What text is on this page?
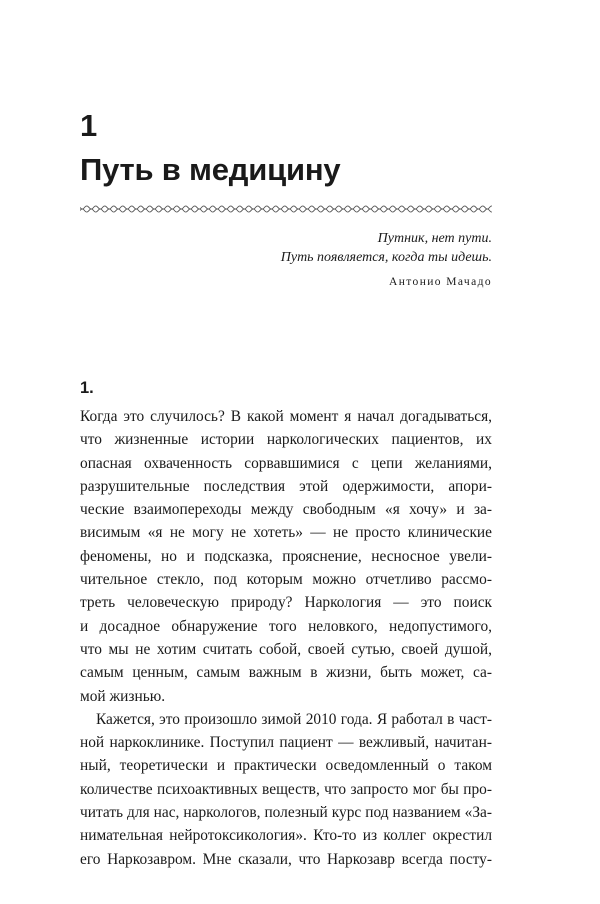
1
Путь в медицину
Путник, нет пути.
Путь появляется, когда ты идешь.
Антонио Мачадо
1.
Когда это случилось? В какой момент я начал догадываться,
что жизненные истории наркологических пациентов, их
опасная охваченность сорвавшимися с цепи желаниями,
разрушительные последствия этой одержимости, апори-
ческие взаимопереходы между свободным «я хочу» и за-
висимым «я не могу не хотеть» — не просто клинические
феномены, но и подсказка, прояснение, несносное увели-
чительное стекло, под которым можно отчетливо рассмо-
треть человеческую природу? Наркология — это поиск
и досадное обнаружение того неловкого, недопустимого,
что мы не хотим считать собой, своей сутью, своей душой,
самым ценным, самым важным в жизни, быть может, са-
мой жизнью.
Кажется, это произошло зимой 2010 года. Я работал в част-
ной наркоклинике. Поступил пациент — вежливый, начитан-
ный, теоретически и практически осведомленный о таком
количестве психоактивных веществ, что запросто мог бы про-
читать для нас, наркологов, полезный курс под названием «За-
нимательная нейротоксикология». Кто-то из коллег окрестил
его Наркозавром. Мне сказали, что Наркозавр всегда посту-
